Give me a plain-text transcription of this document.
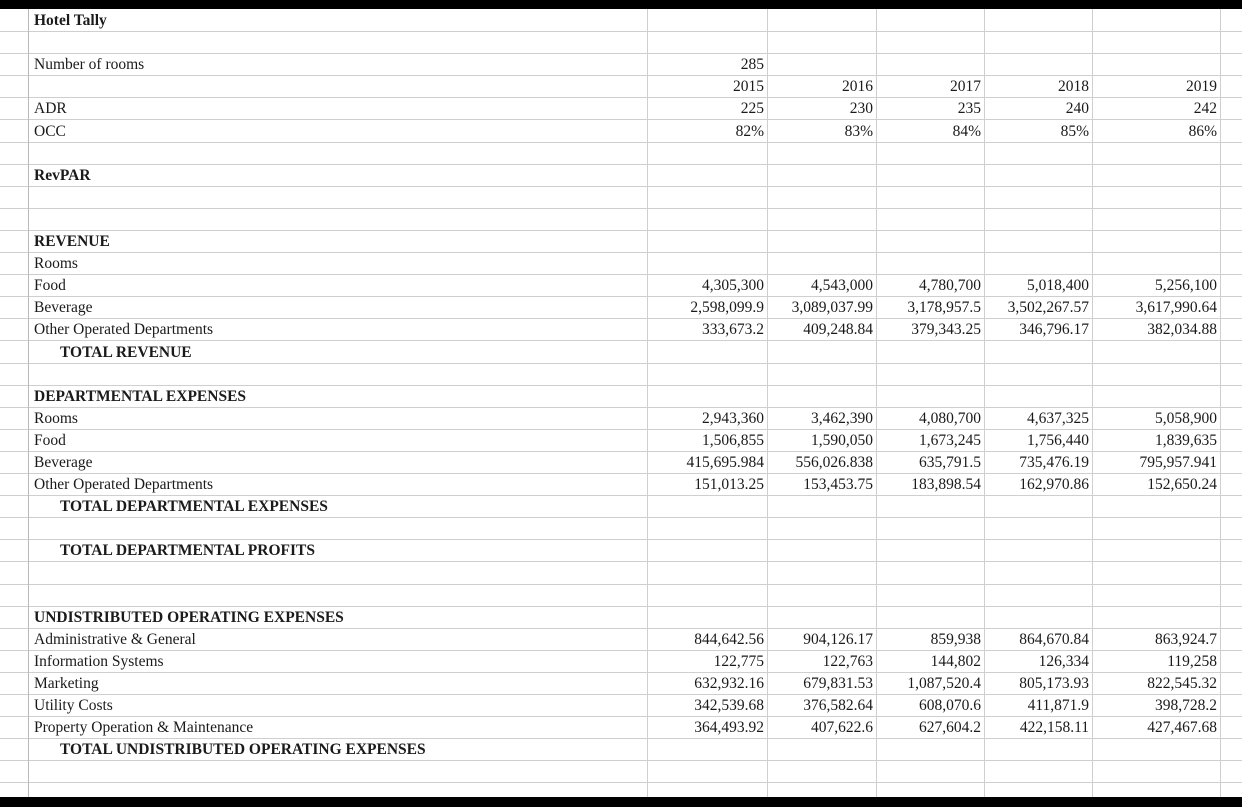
Hotel Tally
Number of rooms	285
2015	2016	2017	2018	2019
ADR	225	230	235	240	242
OCC	82%	83%	84%	85%	86%
RevPAR
REVENUE
Rooms
Food	4,305,300	4,543,000	4,780,700	5,018,400	5,256,100
Beverage	2,598,099.9	3,089,037.99	3,178,957.5	3,502,267.57	3,617,990.64
Other Operated Departments	333,673.2	409,248.84	379,343.25	346,796.17	382,034.88
TOTAL REVENUE
DEPARTMENTAL EXPENSES
Rooms	2,943,360	3,462,390	4,080,700	4,637,325	5,058,900
Food	1,506,855	1,590,050	1,673,245	1,756,440	1,839,635
Beverage	415,695.984	556,026.838	635,791.5	735,476.19	795,957.941
Other Operated Departments	151,013.25	153,453.75	183,898.54	162,970.86	152,650.24
TOTAL DEPARTMENTAL EXPENSES
TOTAL DEPARTMENTAL PROFITS
UNDISTRIBUTED OPERATING EXPENSES
Administrative & General	844,642.56	904,126.17	859,938	864,670.84	863,924.7
Information Systems	122,775	122,763	144,802	126,334	119,258
Marketing	632,932.16	679,831.53	1,087,520.4	805,173.93	822,545.32
Utility Costs	342,539.68	376,582.64	608,070.6	411,871.9	398,728.2
Property Operation & Maintenance	364,493.92	407,622.6	627,604.2	422,158.11	427,467.68
TOTAL UNDISTRIBUTED OPERATING EXPENSES
